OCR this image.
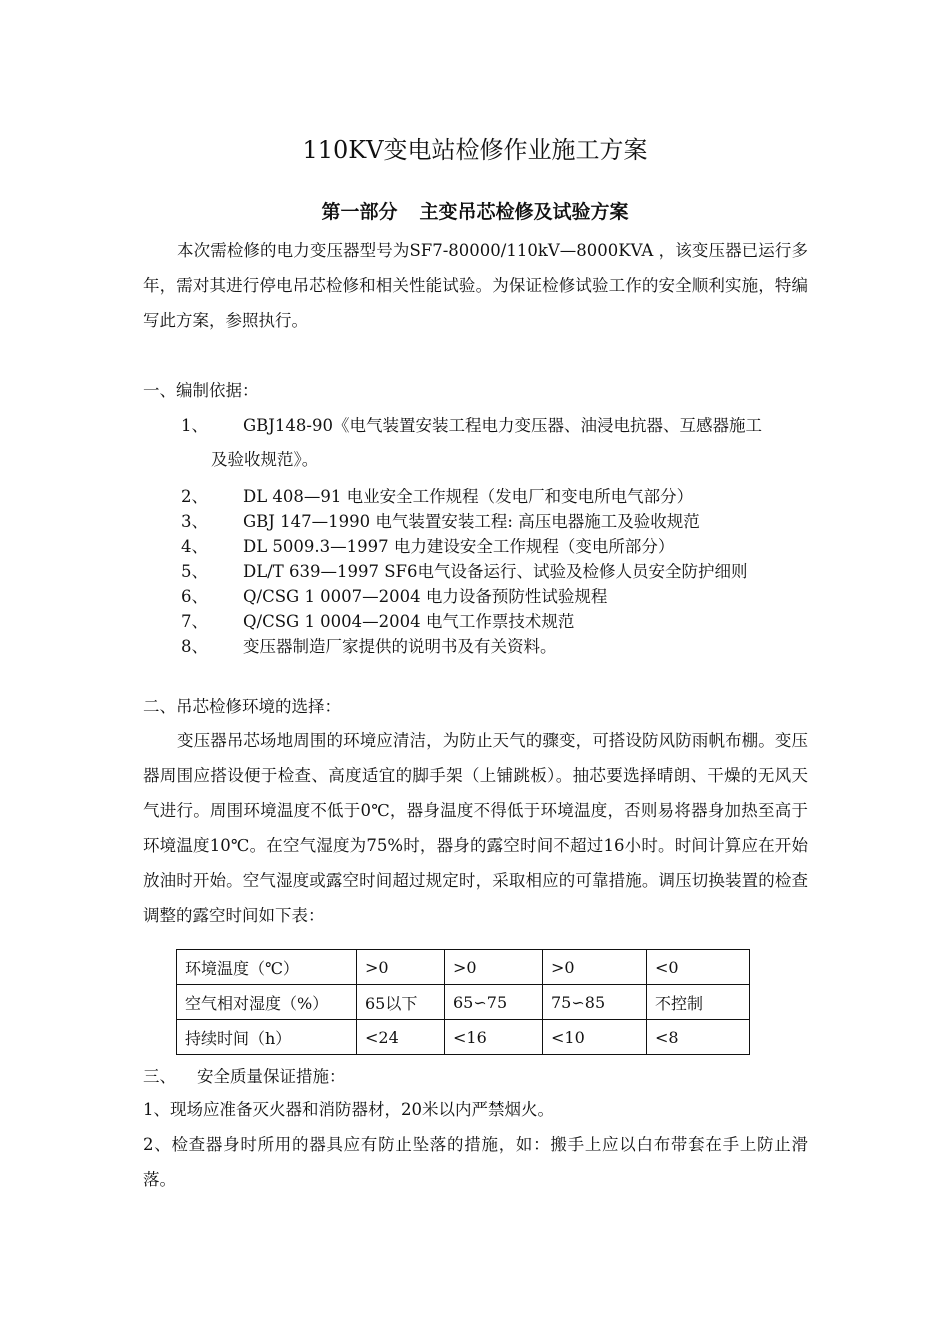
110KV变电站检修作业施工方案
第一部分 主变吊芯检修及试验方案

本次需检修的电力变压器型号为SF7-80000/110kV—8000KVA ，该变压器已运行多年，需对其进行停电吊芯检修和相关性能试验。为保证检修试验工作的安全顺利实施，特编写此方案，参照执行。

一、编制依据：
1、 GBJ148-90《电气装置安装工程电力变压器、油浸电抗器、互感器施工
及验收规范》。
2、 DL 408—91 电业安全工作规程（发电厂和变电所电气部分）
3、 GBJ 147—1990 电气装置安装工程: 高压电器施工及验收规范
4、 DL 5009.3—1997 电力建设安全工作规程（变电所部分）
5、 DL/T 639—1997 SF6电气设备运行、试验及检修人员安全防护细则
6、 Q/CSG 1 0007—2004 电力设备预防性试验规程
7、 Q/CSG 1 0004—2004 电气工作票技术规范
8、 变压器制造厂家提供的说明书及有关资料。
二、吊芯检修环境的选择：

变压器吊芯场地周围的环境应清洁，为防止天气的骤变，可搭设防风防雨帆布棚。变压器周围应搭设便于检查、高度适宜的脚手架（上铺跳板）。抽芯要选择晴朗、干燥的无风天气进行。周围环境温度不低于0℃，器身温度不得低于环境温度，否则易将器身加热至高于环境温度10℃。在空气湿度为75%时，器身的露空时间不超过16小时。时间计算应在开始放油时开始。空气湿度或露空时间超过规定时，采取相应的可靠措施。调压切换装置的检查调整的露空时间如下表：

环境温度（℃）	>0	>0	>0	<0
空气相对湿度（%）	65以下	65∽75	75∽85	不控制
持续时间（h）	<24	<16	<10	<8
三、    安全质量保证措施：

1、现场应准备灭火器和消防器材，20米以内严禁烟火。

2、检查器身时所用的器具应有防止坠落的措施，如：搬手上应以白布带套在手上防止滑落。
